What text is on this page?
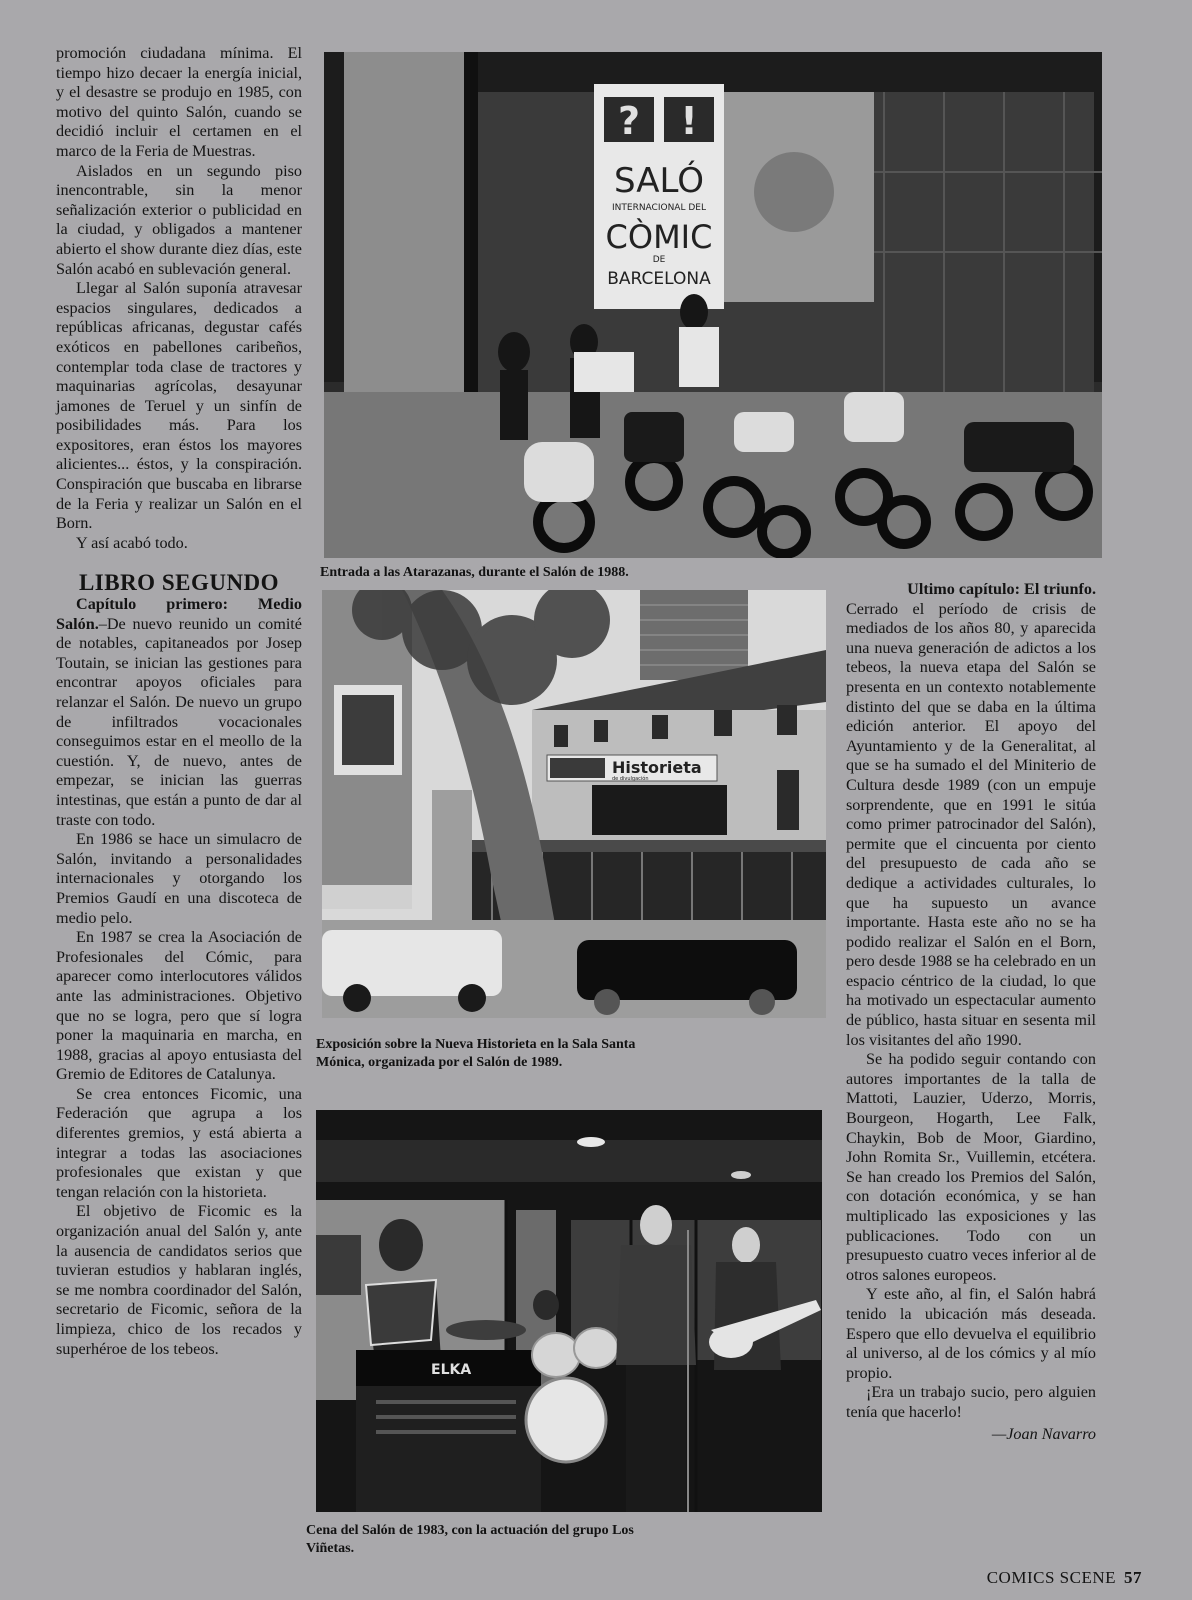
promoción ciudadana mínima. El tiempo hizo decaer la energía inicial, y el desastre se produjo en 1985, con motivo del quinto Salón, cuando se decidió incluir el certamen en el marco de la Feria de Muestras.

Aislados en un segundo piso inencontrable, sin la menor señalización exterior o publicidad en la ciudad, y obligados a mantener abierto el show durante diez días, este Salón acabó en sublevación general.

Llegar al Salón suponía atravesar espacios singulares, dedicados a repúblicas africanas, degustar cafés exóticos en pabellones caribeños, contemplar toda clase de tractores y maquinarias agrícolas, desayunar jamones de Teruel y un sinfín de posibilidades más. Para los expositores, eran éstos los mayores alicientes... éstos, y la conspiración. Conspiración que buscaba en librarse de la Feria y realizar un Salón en el Born.

Y así acabó todo.

LIBRO SEGUNDO

Capítulo primero: Medio Salón.–De nuevo reunido un comité de notables, capitaneados por Josep Toutain, se inician las gestiones para encontrar apoyos oficiales para relanzar el Salón. De nuevo un grupo de infiltrados vocacionales conseguimos estar en el meollo de la cuestión. Y, de nuevo, antes de empezar, se inician las guerras intestinas, que están a punto de dar al traste con todo.

En 1986 se hace un simulacro de Salón, invitando a personalidades internacionales y otorgando los Premios Gaudí en una discoteca de medio pelo.

En 1987 se crea la Asociación de Profesionales del Cómic, para aparecer como interlocutores válidos ante las administraciones. Objetivo que no se logra, pero que sí logra poner la maquinaria en marcha, en 1988, gracias al apoyo entusiasta del Gremio de Editores de Catalunya.

Se crea entonces Ficomic, una Federación que agrupa a los diferentes gremios, y está abierta a integrar a todas las asociaciones profesionales que existan y que tengan relación con la historieta.

El objetivo de Ficomic es la organización anual del Salón y, ante la ausencia de candidatos serios que tuvieran estudios y hablaran inglés, se me nombra coordinador del Salón, secretario de Ficomic, señora de la limpieza, chico de los recados y superhéroe de los tebeos.

? !
SALÓ
INTERNACIONAL DEL
CÒMIC
DE
BARCELONA
Entrada a las Atarazanas, durante el Salón de 1988.
Historieta
de divulgación
Exposición sobre la Nueva Historieta en la Sala Santa Mónica, organizada por el Salón de 1989.
ELKA
Cena del Salón de 1983, con la actuación del grupo Los Viñetas.

Ultimo capítulo: El triunfo.

Cerrado el período de crisis de mediados de los años 80, y aparecida una nueva generación de adictos a los tebeos, la nueva etapa del Salón se presenta en un contexto notablemente distinto del que se daba en la última edición anterior. El apoyo del Ayuntamiento y de la Generalitat, al que se ha sumado el del Miniterio de Cultura desde 1989 (con un empuje sorprendente, que en 1991 le sitúa como primer patrocinador del Salón), permite que el cincuenta por ciento del presupuesto de cada año se dedique a actividades culturales, lo que ha supuesto un avance importante. Hasta este año no se ha podido realizar el Salón en el Born, pero desde 1988 se ha celebrado en un espacio céntrico de la ciudad, lo que ha motivado un espectacular aumento de público, hasta situar en sesenta mil los visitantes del año 1990.

Se ha podido seguir contando con autores importantes de la talla de Mattoti, Lauzier, Uderzo, Morris, Bourgeon, Hogarth, Lee Falk, Chaykin, Bob de Moor, Giardino, John Romita Sr., Vuillemin, etcétera. Se han creado los Premios del Salón, con dotación económica, y se han multiplicado las exposiciones y las publicaciones. Todo con un presupuesto cuatro veces inferior al de otros salones europeos.

Y este año, al fin, el Salón habrá tenido la ubicación más deseada. Espero que ello devuelva el equilibrio al universo, al de los cómics y al mío propio.

¡Era un trabajo sucio, pero alguien tenía que hacerlo!

—Joan Navarro

COMICS SCENE 57
